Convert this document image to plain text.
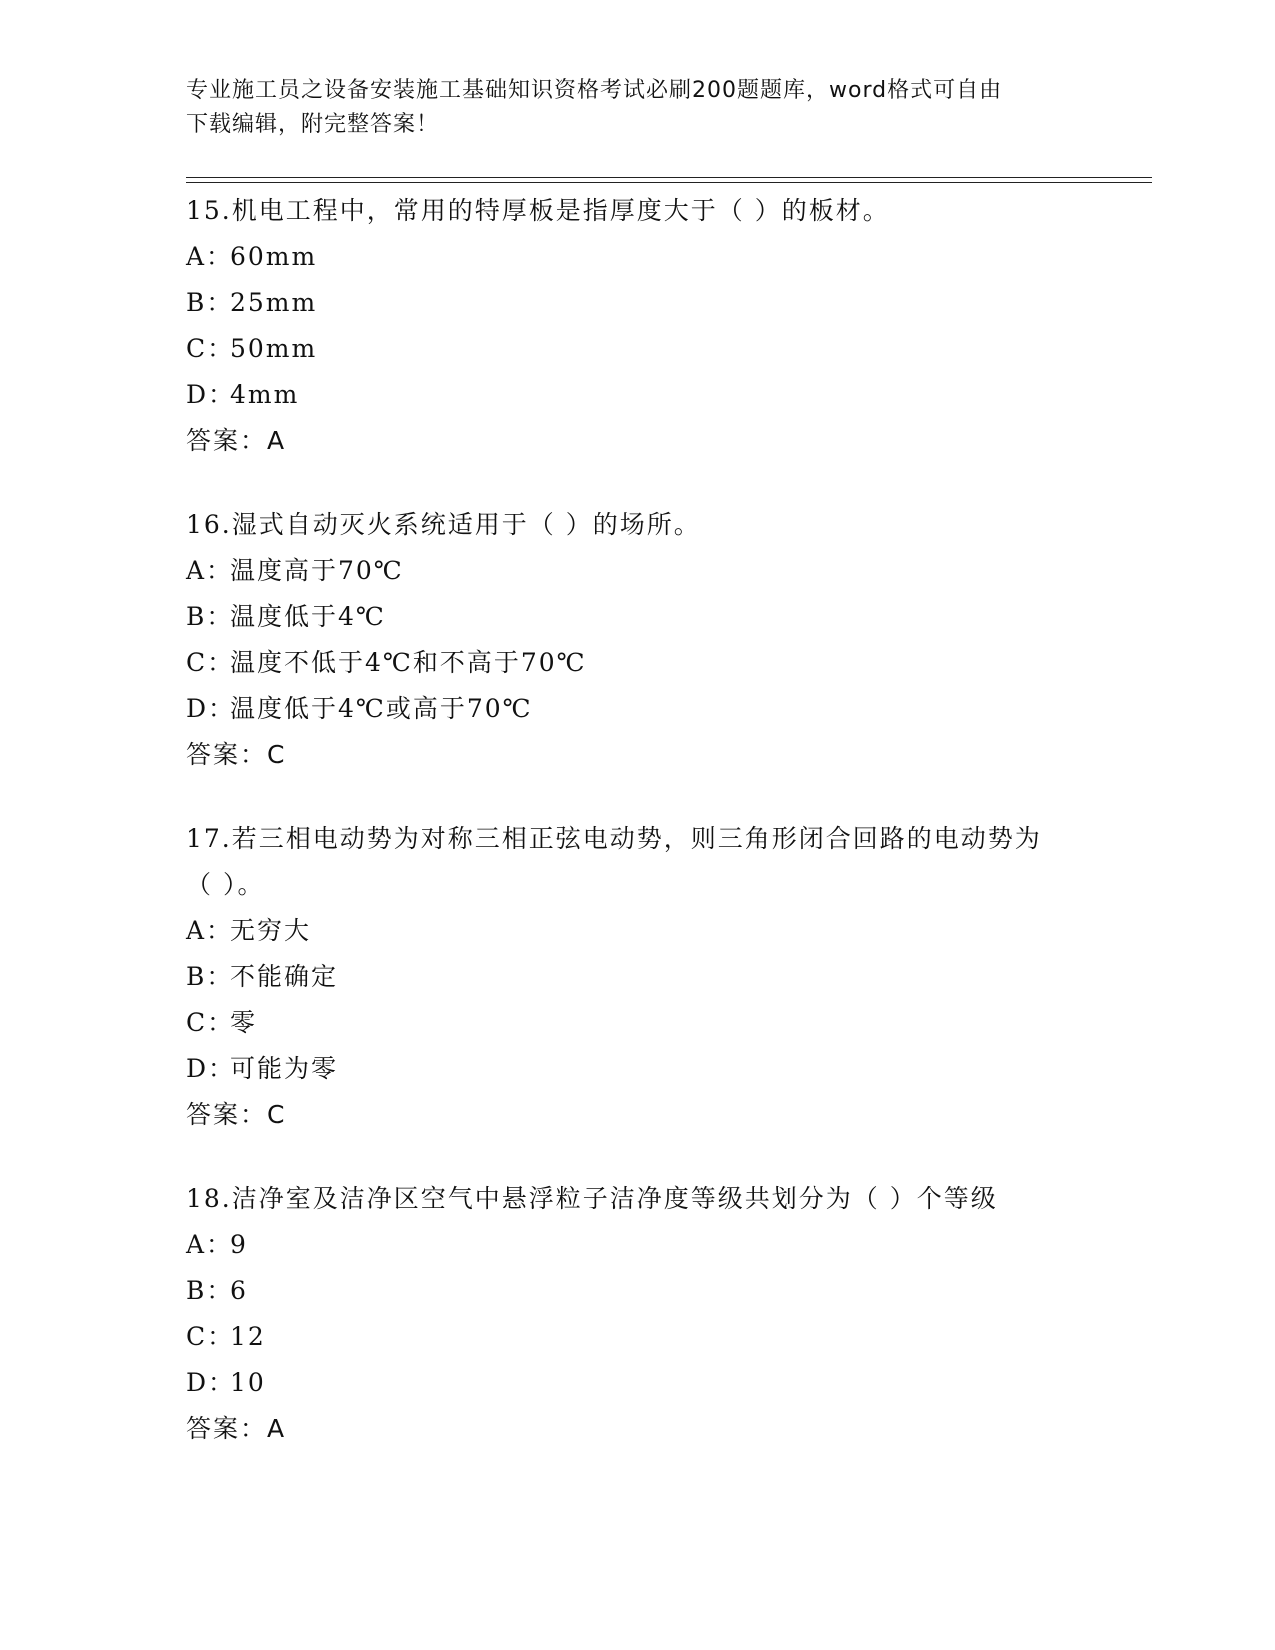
专业施工员之设备安装施工基础知识资格考试必刷200题题库，word格式可自由
下载编辑，附完整答案！
15.机电工程中，常用的特厚板是指厚度大于（ ）的板材。
A：60mm
B：25mm
C：50mm
D：4mm
答案：A
16.湿式自动灭火系统适用于（ ）的场所。
A：温度高于70℃
B：温度低于4℃
C：温度不低于4℃和不高于70℃
D：温度低于4℃或高于70℃
答案：C
17.若三相电动势为对称三相正弦电动势，则三角形闭合回路的电动势为（ ）。
A：无穷大
B：不能确定
C：零
D：可能为零
答案：C
18.洁净室及洁净区空气中悬浮粒子洁净度等级共划分为（ ）个等级
A：9
B：6
C：12
D：10
答案：A
